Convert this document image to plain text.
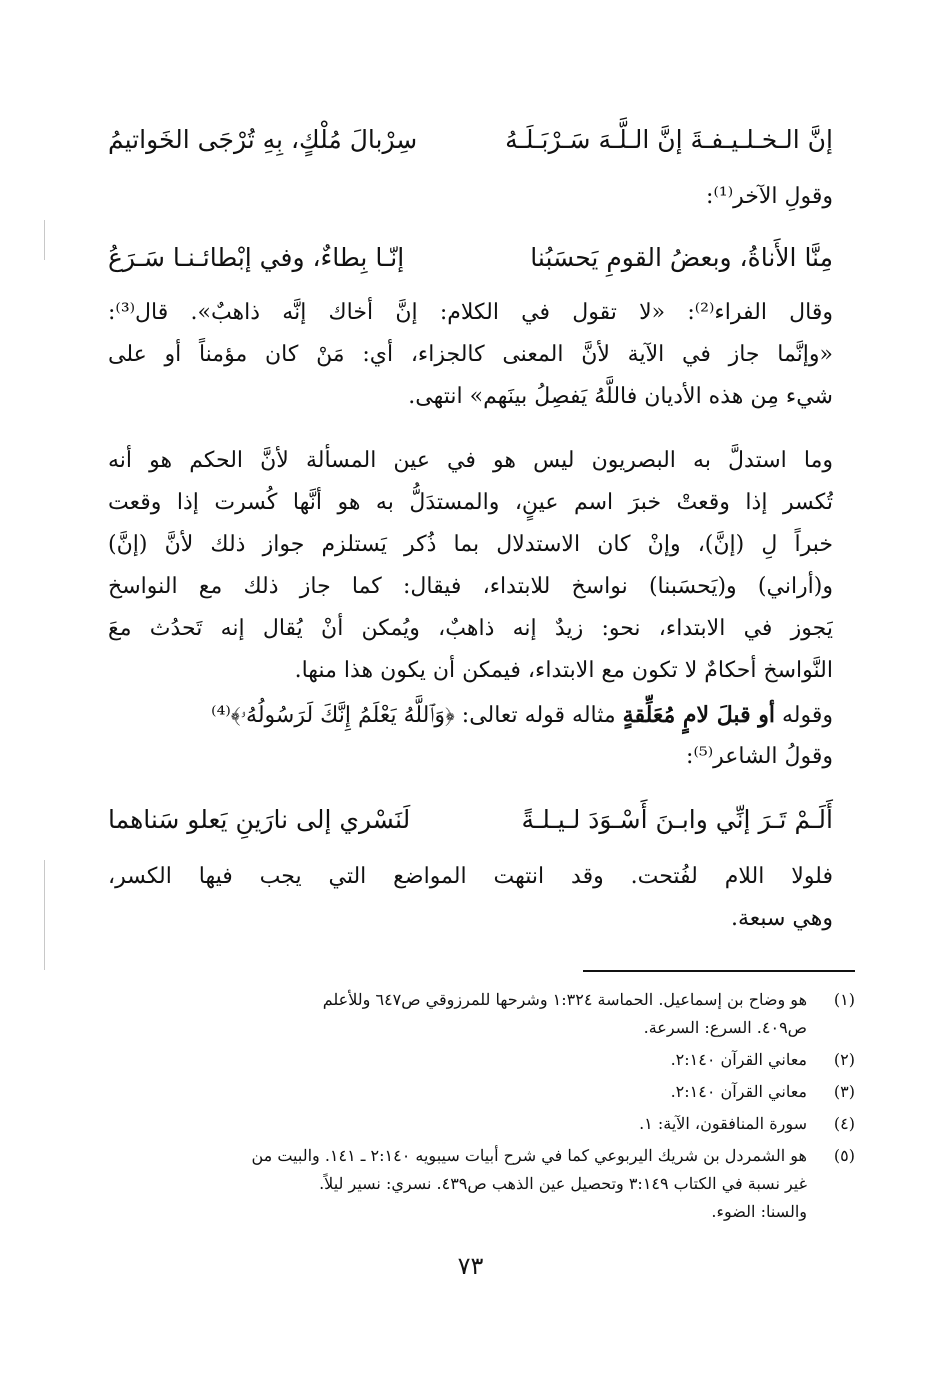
إنَّ الـخـلـيـفـةَ إنَّ الـلَّـهَ سَـرْبَـلَـهُ
سِرْبالَ مُلْكٍ، بِهِ تُرْجَى الخَواتيمُ
وقولِ الآخر⁽¹⁾:
مِنَّا الأَناةُ، وبعضُ القومِ يَحسَبُنا
إنّـا بِطاءٌ، وفي إبْطائـنـا سَـرَعُ
وقال الفراء⁽²⁾: «لا تقول في الكلام: إنَّ أخاك إنَّه ذاهبٌ». قال⁽³⁾:
«وإنَّما جاز في الآية لأنَّ المعنى كالجزاء، أي: مَنْ كان مؤمناً أو على
شيء مِن هذه الأديان فاللَّهُ يَفصِلُ بينَهم» انتهى.
وما استدلَّ به البصريون ليس هو في عين المسألة لأنَّ الحكم هو أنه
تُكسر إذا وقعتْ خبرَ اسم عينٍ، والمستدَلُّ به هو أنَّها كُسرت إذا وقعت
خبراً لِ (إنَّ)، وإنْ كان الاستدلال بما ذُكر يَستلزم جواز ذلك لأنَّ (إنَّ)
و(أراني) و(يَحسَبنا) نواسخ للابتداء، فيقال: كما جاز ذلك مع النواسخ
يَجوز في الابتداء، نحو: زيدٌ إنه ذاهبٌ، ويُمكن أنْ يُقال إنه تَحدُث معَ
النَّواسخ أحكامٌ لا تكون مع الابتداء، فيمكن أن يكون هذا منها.
وقوله أو قبلَ لامٍ مُعَلِّقةٍ مثاله قوله تعالى: ﴿وَٱللَّهُ يَعْلَمُ إِنَّكَ لَرَسُولُهُۥ﴾⁽⁴⁾
وقولُ الشاعر⁽⁵⁾:
أَلَـمْ تَـرَ إنِّي وابـنَ أَسْـوَدَ لـيـلـةً
لَنَسْري إلى نارَينِ يَعلو سَناهما
فلولا اللام لفُتحت. وقد انتهت المواضع التي يجب فيها الكسر،
وهي سبعة.
(١)
هو وضاح بن إسماعيل. الحماسة ١:٣٢٤ وشرحها للمرزوقي ص٦٤٧ وللأعلم
ص٤٠٩. السرع: السرعة.
(٢)
معاني القرآن ٢:١٤٠.
(٣)
معاني القرآن ٢:١٤٠.
(٤)
سورة المنافقون، الآية: ١.
(٥)
هو الشمردل بن شريك اليربوعي كما في شرح أبيات سيبويه ٢:١٤٠ ـ ١٤١. والبيت من
غير نسبة في الكتاب ٣:١٤٩ وتحصيل عين الذهب ص٤٣٩. نسري: نسير ليلاً.
والسنا: الضوء.
٧٣
